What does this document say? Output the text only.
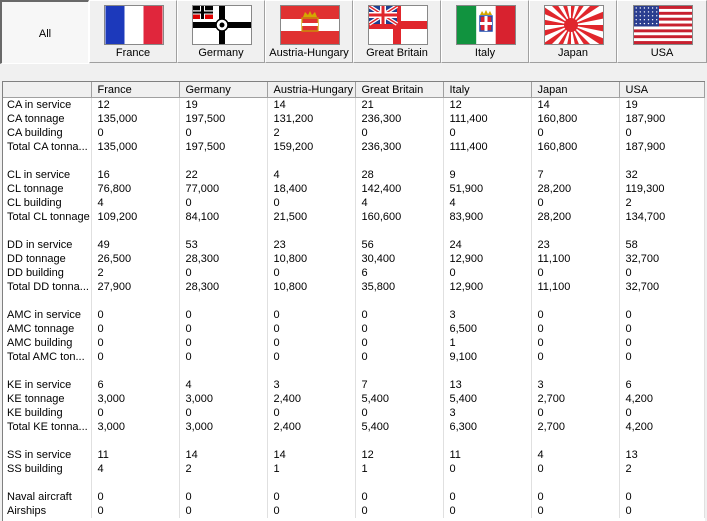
All
France	Germany	Austria-Hungary	Great Britain	Italy	Japan	USA
	France	Germany	Austria-Hungary	Great Britain	Italy	Japan	USA
CA in service	12	19	14	21	12	14	19
CA tonnage	135,000	197,500	131,200	236,300	111,400	160,800	187,900
CA building	0	0	2	0	0	0	0
Total CA tonna...	135,000	197,500	159,200	236,300	111,400	160,800	187,900

CL in service	16	22	4	28	9	7	32
CL tonnage	76,800	77,000	18,400	142,400	51,900	28,200	119,300
CL building	4	0	0	4	4	0	2
Total CL tonnage	109,200	84,100	21,500	160,600	83,900	28,200	134,700

DD in service	49	53	23	56	24	23	58
DD tonnage	26,500	28,300	10,800	30,400	12,900	11,100	32,700
DD building	2	0	0	6	0	0	0
Total DD tonna...	27,900	28,300	10,800	35,800	12,900	11,100	32,700

AMC in service	0	0	0	0	3	0	0
AMC tonnage	0	0	0	0	6,500	0	0
AMC building	0	0	0	0	1	0	0
Total AMC ton...	0	0	0	0	9,100	0	0

KE in service	6	4	3	7	13	3	6
KE tonnage	3,000	3,000	2,400	5,400	5,400	2,700	4,200
KE building	0	0	0	0	3	0	0
Total KE tonna...	3,000	3,000	2,400	5,400	6,300	2,700	4,200

SS in service	11	14	14	12	11	4	13
SS building	4	2	1	1	0	0	2

Naval aircraft	0	0	0	0	0	0	0
Airships	0	0	0	0	0	0	0
